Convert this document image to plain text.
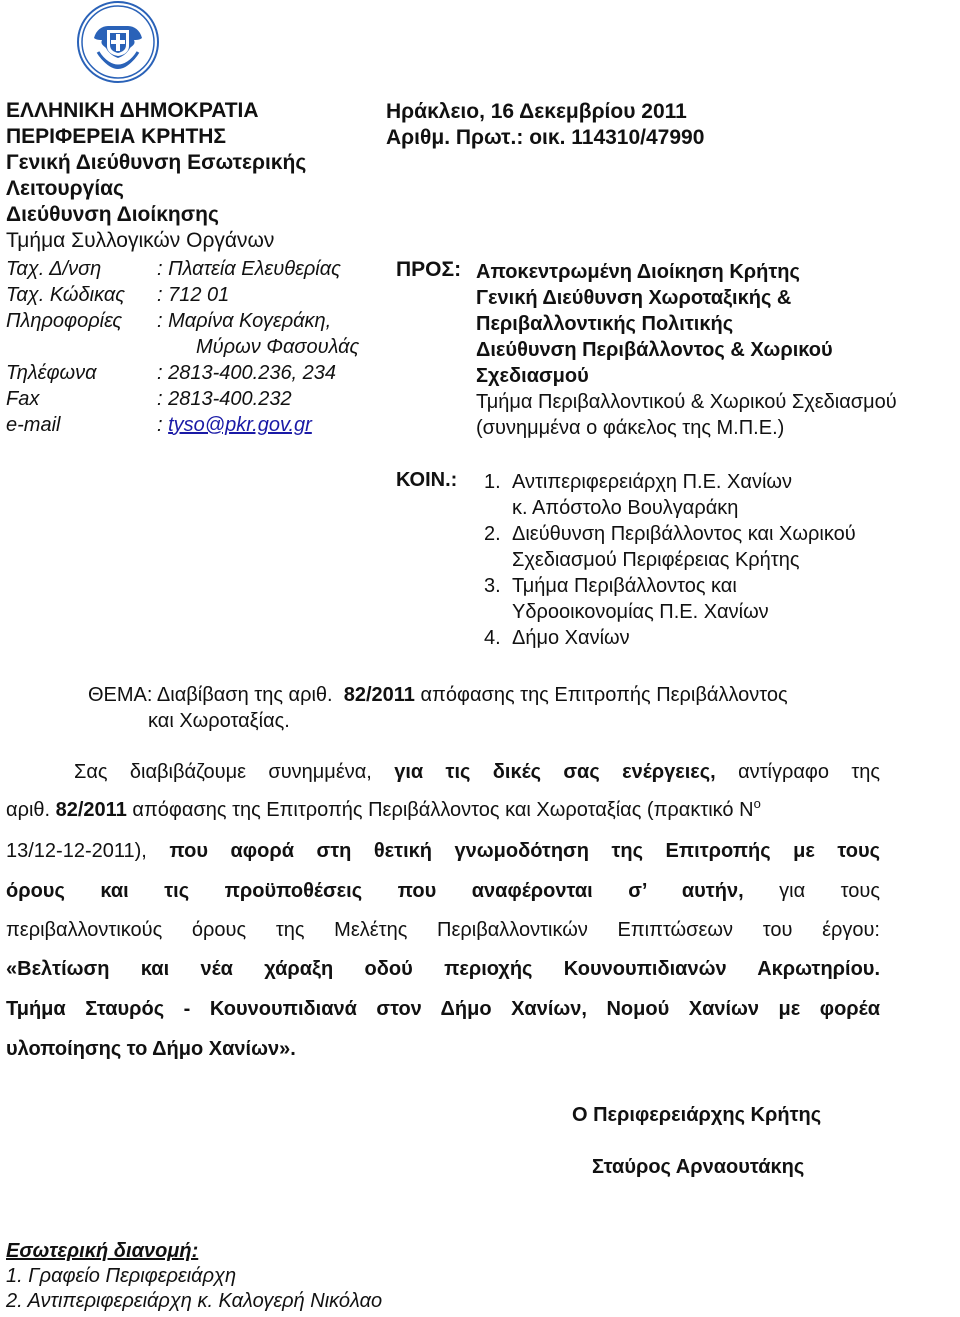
ΕΛΛΗΝΙΚΗ ΔΗΜΟΚΡΑΤΙΑ
ΠΕΡΙΦΕΡΕΙΑ ΚΡΗΤΗΣ
Γενική Διεύθυνση Εσωτερικής
Λειτουργίας
Διεύθυνση Διοίκησης
Τμήμα Συλλογικών Οργάνων
Ταχ. Δ/νση	: Πλατεία Ελευθερίας
Ταχ. Κώδικας : 712 01
Πληροφορίες : Μαρίνα Κογεράκη,
Μύρων Φασουλάς
Τηλέφωνα	: 2813-400.236, 234
Fax	: 2813-400.232
e-mail	: tyso@pkr.gov.gr
Ηράκλειο, 16 Δεκεμβρίου 2011
Αριθμ. Πρωτ.: οικ. 114310/47990
ΠΡΟΣ: Αποκεντρωμένη Διοίκηση Κρήτης
Γενική Διεύθυνση Χωροταξικής &
Περιβαλλοντικής Πολιτικής
Διεύθυνση Περιβάλλοντος & Χωρικού
Σχεδιασμού
Τμήμα Περιβαλλοντικού & Χωρικού Σχεδιασμού
(συνημμένα ο φάκελος της Μ.Π.Ε.)
ΚΟΙΝ.: 1. Αντιπεριφερειάρχη Π.Ε. Χανίων
κ. Απόστολο Βουλγαράκη
2. Διεύθυνση Περιβάλλοντος και Χωρικού
Σχεδιασμού Περιφέρειας Κρήτης
3. Τμήμα Περιβάλλοντος και
Υδροοικονομίας Π.Ε. Χανίων
4. Δήμο Χανίων
ΘΕΜΑ: Διαβίβαση της αριθ. 82/2011 απόφασης της Επιτροπής Περιβάλλοντος
και Χωροταξίας.
Σας διαβιβάζουμε συνημμένα, για τις δικές σας ενέργειες, αντίγραφο της
αριθ. 82/2011 απόφασης της Επιτροπής Περιβάλλοντος και Χωροταξίας (πρακτικό $N^o$
13/12-12-2011), που αφορά στη θετική γνωμοδότηση της Επιτροπής με τους
όρους και τις προϋποθέσεις που αναφέρονται σ’ αυτήν, για τους
περιβαλλοντικούς όρους της Μελέτης Περιβαλλοντικών Επιπτώσεων του έργου:
«Βελτίωση και νέα χάραξη οδού περιοχής Κουνουπιδιανών Ακρωτηρίου.
Τμήμα Σταυρός - Κουνουπιδιανά στον Δήμο Χανίων, Νομού Χανίων με φορέα
υλοποίησης το Δήμο Χανίων».
Ο Περιφερειάρχης Κρήτης
Σταύρος Αρναουτάκης
Εσωτερική διανομή:
1. Γραφείο Περιφερειάρχη
2. Αντιπεριφερειάρχη κ. Καλογερή Νικόλαο
